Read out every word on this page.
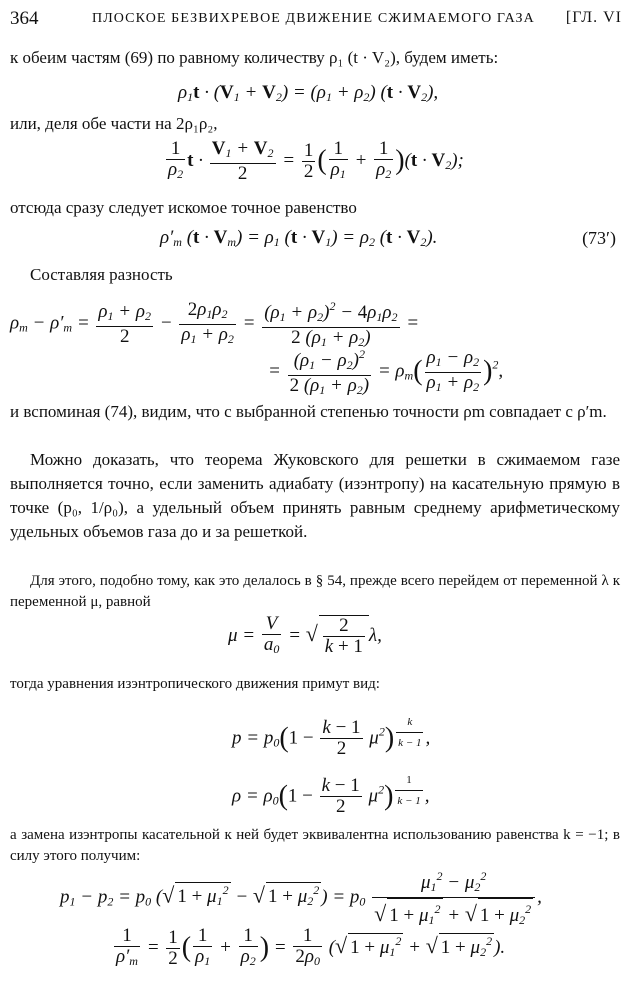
364	ПЛОСКОЕ БЕЗВИХРЕВОЕ ДВИЖЕНИЕ СЖИМАЕМОГО ГАЗА [ГЛ. VI
к обеим частям (69) по равному количеству ρ₁ (t · V₂), будем иметь:
$\rho_1t \cdot (V_1 + V_2) = (\rho_1 + \rho_2) (t \cdot V_2)$,
или, деля обе части на 2ρ₁ρ₂,
$\frac{1}{\rho_2}$ $t \cdot \frac{V_1 + V_2}{2} = \frac{1}{2}$ ( $\frac{1}{\rho_1} + \frac{1}{\rho_2} )(t \cdot V_2)$;
отсюда сразу следует искомое точное равенство
$\rho'_m$ $(t \cdot V_m) = \rho_1$ $(t \cdot V_1) = \rho_2$ $(t \cdot V_2)$.	(73′)
Составляя разность
$\rho_m - \rho'_m = \frac{\rho_1 + \rho_2}{2} - \frac{2\rho_1\rho_2}{\rho_1 + \rho_2} = \frac{(\rho_1 + \rho_2)^2 - 4\rho_1\rho_2}{2 (\rho_1 + \rho_2)}$ =
= $\frac{(\rho_1 - \rho_2)^2}{2 (\rho_1 + \rho_2)} = \rho_m( \frac{\rho_1 - \rho_2}{\rho_1 + \rho_2} )^2$,
и вспоминая (74), видим, что с выбранной степенью точности ρm совпадает с ρ′m.
Можно доказать, что теорема Жуковского для решетки в сжимаемом газе выполняется точно, если заменить адиабату (изэнтропу) на касательную прямую в точке (p₀, 1/ρ₀), а удельный объем принять равным среднему арифметическому удельных объемов газа до и за решеткой.
Для этого, подобно тому, как это делалось в § 54, прежде всего перейдем от переменной λ к переменной μ, равной
$\mu = \frac{V}{a_0}$ = √ $\frac{2}{k + 1} \lambda$,
тогда уравнения изэнтропического движения примут вид:
$p = p_0(1 - \frac{k - 1}{2} \mu^2)$ $^{\frac{k}{k - 1}}$ ,
$\rho = \rho_0(1 - \frac{k - 1}{2} \mu^2)$ $^{\frac{1}{k - 1}}$ ,
а замена изэнтропы касательной к ней будет эквивалентна использованию равенства k = −1; в силу этого получим:
$p_1 - p_2 = p_0$ (√ $1 + \mu_1^2$ − √ $1 + \mu_2^2$ ) = $p_0 \frac{\mu_1^2 - \mu_2^2}{√ 1 + \mu_1^2 + √ 1 + \mu_2^2}$ ,
$\frac{1}{\rho'_m} = \frac{1}{2}$ ( $\frac{1}{\rho_1} + \frac{1}{\rho_2}$ ) = $\frac{1}{2\rho_0}$ (√ $1 + \mu_1^2$ + √ $1 + \mu_2^2$ ).
